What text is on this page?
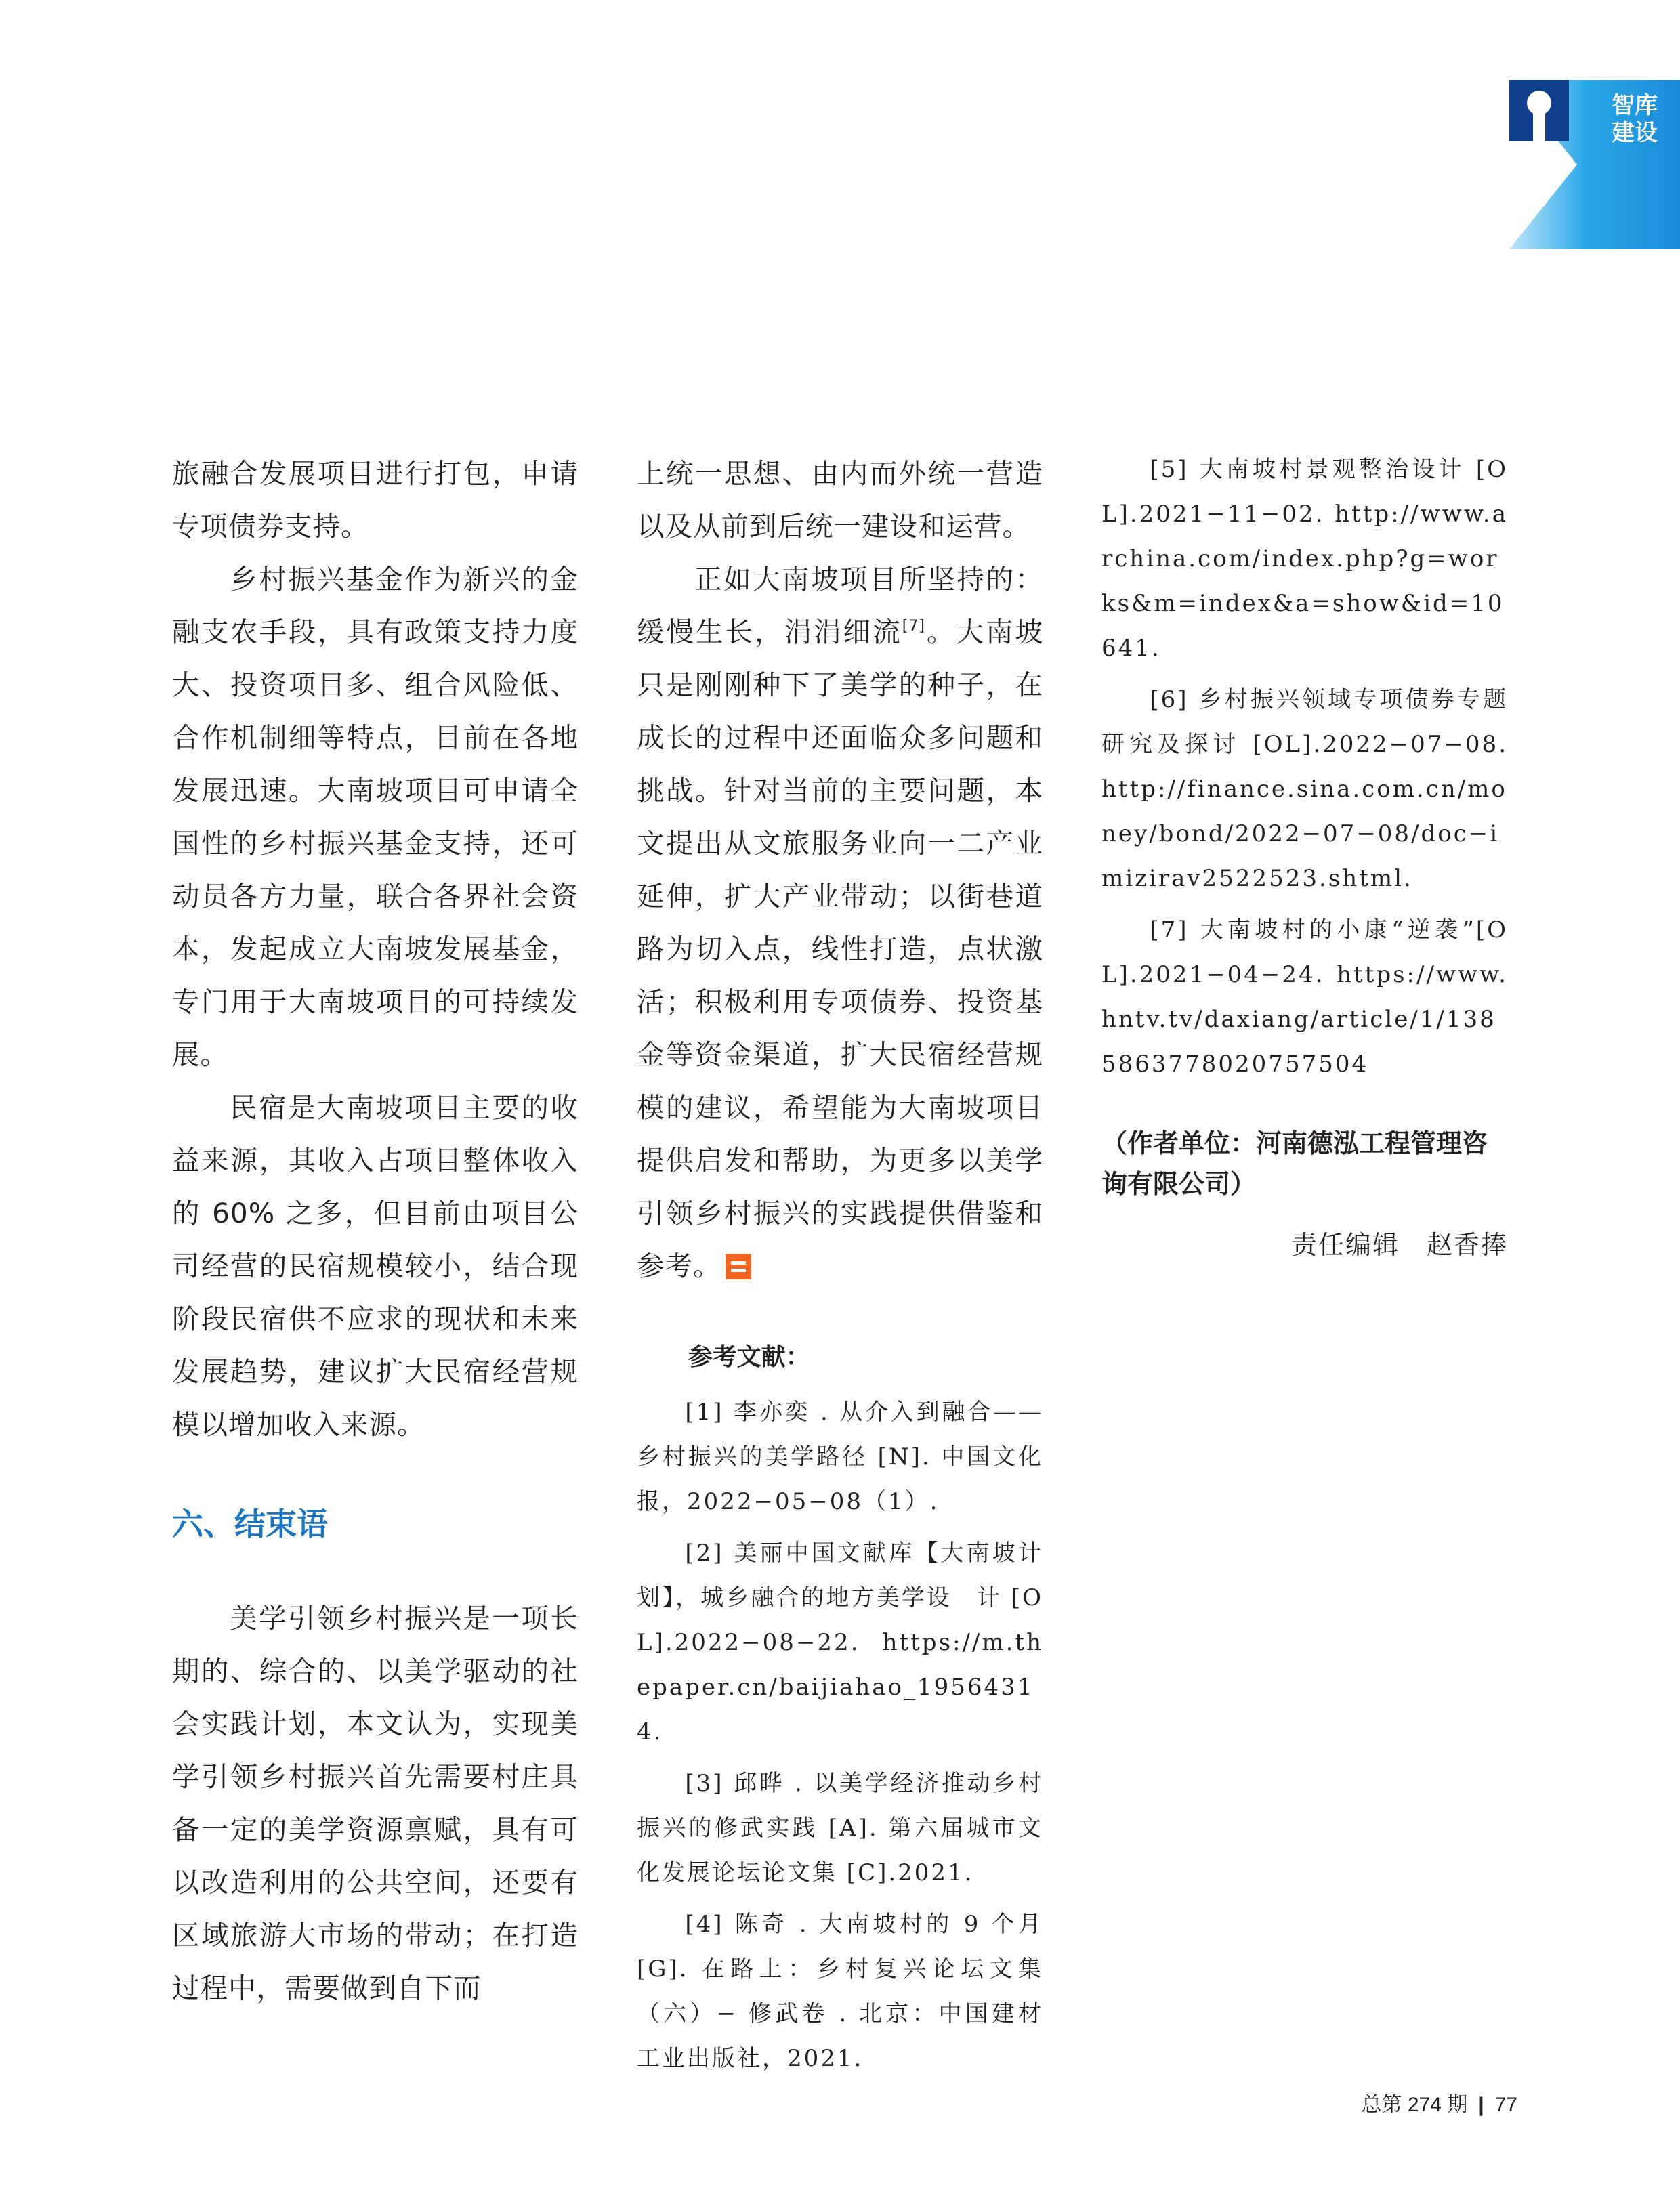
智库
建设

旅融合发展项目进行打包，申请专项债券支持。

乡村振兴基金作为新兴的金融支农手段，具有政策支持力度大、投资项目多、组合风险低、合作机制细等特点，目前在各地发展迅速。大南坡项目可申请全国性的乡村振兴基金支持，还可动员各方力量，联合各界社会资本，发起成立大南坡发展基金，专门用于大南坡项目的可持续发展。

民宿是大南坡项目主要的收益来源，其收入占项目整体收入的 60% 之多，但目前由项目公司经营的民宿规模较小，结合现阶段民宿供不应求的现状和未来发展趋势，建议扩大民宿经营规模以增加收入来源。

六、结束语

美学引领乡村振兴是一项长期的、综合的、以美学驱动的社会实践计划，本文认为，实现美学引领乡村振兴首先需要村庄具备一定的美学资源禀赋，具有可以改造利用的公共空间，还要有区域旅游大市场的带动；在打造过程中，需要做到自下而

上统一思想、由内而外统一营造以及从前到后统一建设和运营。

正如大南坡项目所坚持的：缓慢生长，涓涓细流[7]。大南坡只是刚刚种下了美学的种子，在成长的过程中还面临众多问题和挑战。针对当前的主要问题，本文提出从文旅服务业向一二产业延伸，扩大产业带动；以街巷道路为切入点，线性打造，点状激活；积极利用专项债券、投资基金等资金渠道，扩大民宿经营规模的建议，希望能为大南坡项目提供启发和帮助，为更多以美学引领乡村振兴的实践提供借鉴和参考。

参考文献：

[1] 李亦奕 . 从介入到融合——乡村振兴的美学路径 [N]. 中国文化报，2022−05−08（1）.

[2] 美丽中国文献库【大南坡计划】，城乡融合的地方美学设　计 [OL].2022−08−22. https://m.thepaper.cn/baijiahao_19564314.

[3] 邱晔 . 以美学经济推动乡村振兴的修武实践 [A]. 第六届城市文化发展论坛论文集 [C].2021.

[4] 陈奇 . 大南坡村的 9 个月 [G]. 在路上：乡村复兴论坛文集（六）− 修武卷 . 北京：中国建材工业出版社，2021.

[5] 大南坡村景观整治设计 [OL].2021−11−02. http://www.archina.com/index.php?g=works&m=index&a=show&id=10641.

[6] 乡村振兴领域专项债券专题研究及探讨 [OL].2022−07−08. http://finance.sina.com.cn/money/bond/2022−07−08/doc−imizirav2522523.shtml.

[7] 大南坡村的小康“逆袭”[OL].2021−04−24. https://www.hntv.tv/daxiang/article/1/1385863778020757504

（作者单位：河南德泓工程管理咨询有限公司）

责任编辑　赵香捧

总第 274 期 | 77
